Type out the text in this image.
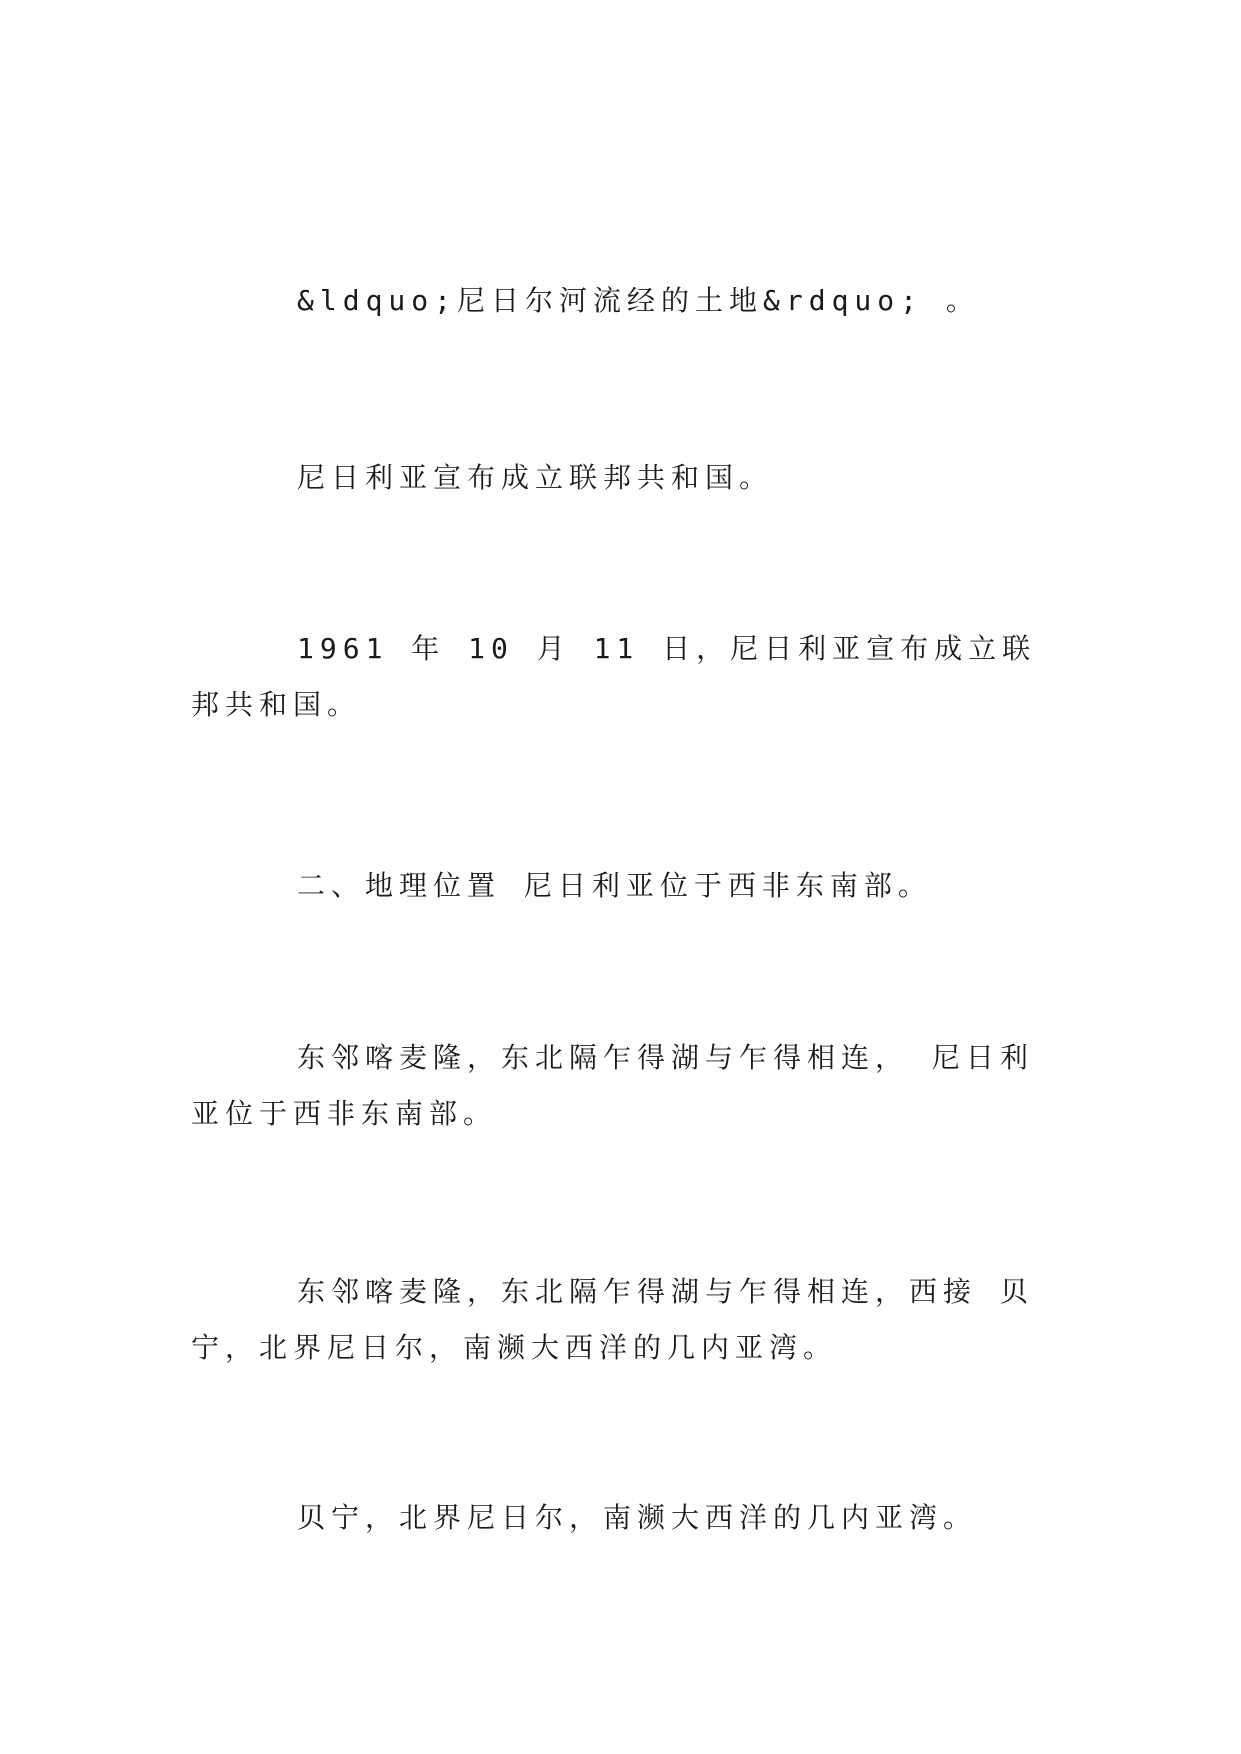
&ldquo;尼日尔河流经的土地&rdquo; 。

尼日利亚宣布成立联邦共和国。

1961 年 10 月 11 日，尼日利亚宣布成立联邦共和国。

二、地理位置 尼日利亚位于西非东南部。

东邻喀麦隆，东北隔乍得湖与乍得相连， 尼日利亚位于西非东南部。

东邻喀麦隆，东北隔乍得湖与乍得相连，西接 贝宁，北界尼日尔，南濒大西洋的几内亚湾。

贝宁，北界尼日尔，南濒大西洋的几内亚湾。
